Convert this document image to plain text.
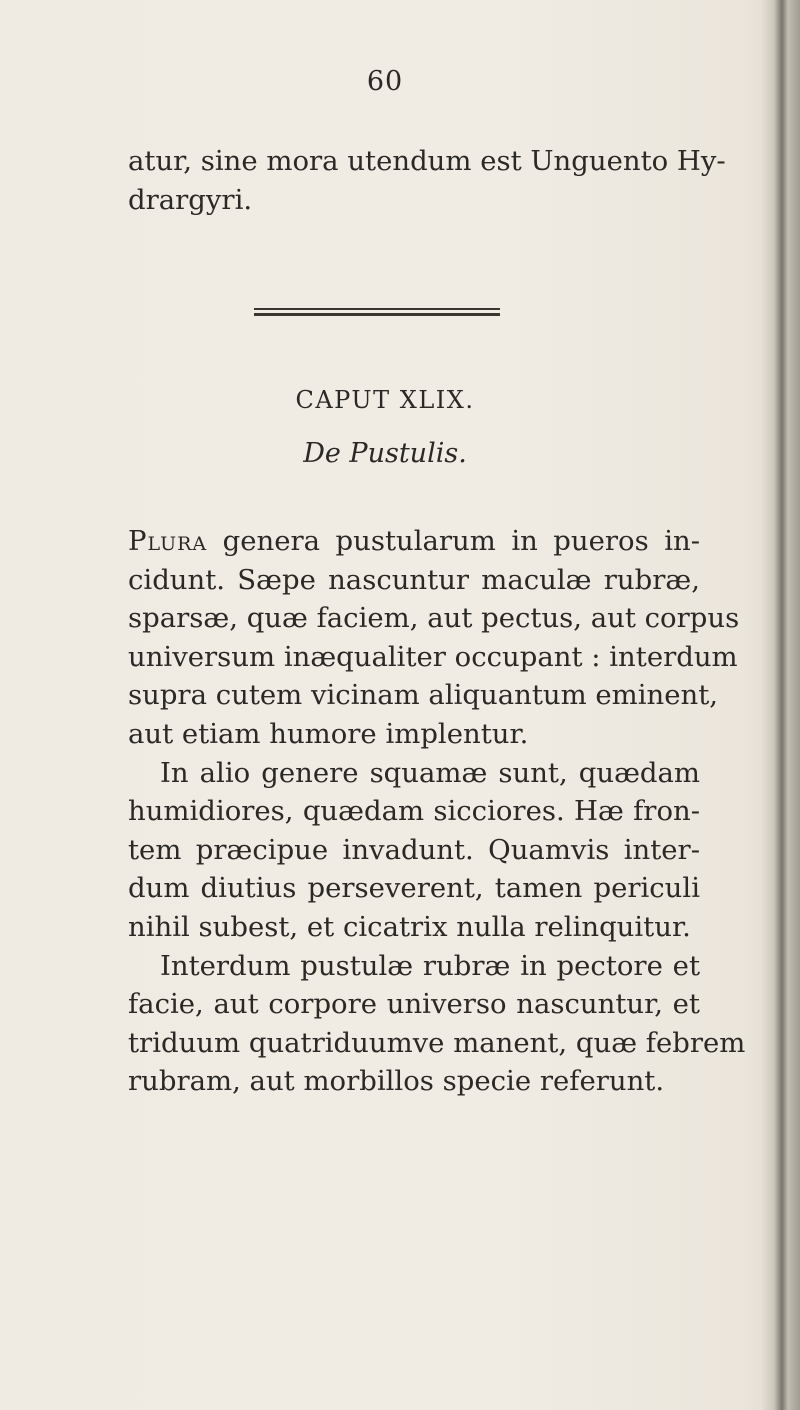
60
atur, sine mora utendum est Unguento Hy-
drargyri.
CAPUT XLIX.
De Pustulis.
Plura genera pustularum in pueros in-
cidunt. Sæpe nascuntur maculæ rubræ,
sparsæ, quæ faciem, aut pectus, aut corpus
universum inæqualiter occupant : interdum
supra cutem vicinam aliquantum eminent,
aut etiam humore implentur.
In alio genere squamæ sunt, quædam
humidiores, quædam sicciores. Hæ fron-
tem præcipue invadunt. Quamvis inter-
dum diutius perseverent, tamen periculi
nihil subest, et cicatrix nulla relinquitur.
Interdum pustulæ rubræ in pectore et
facie, aut corpore universo nascuntur, et
triduum quatriduumve manent, quæ febrem
rubram, aut morbillos specie referunt.
